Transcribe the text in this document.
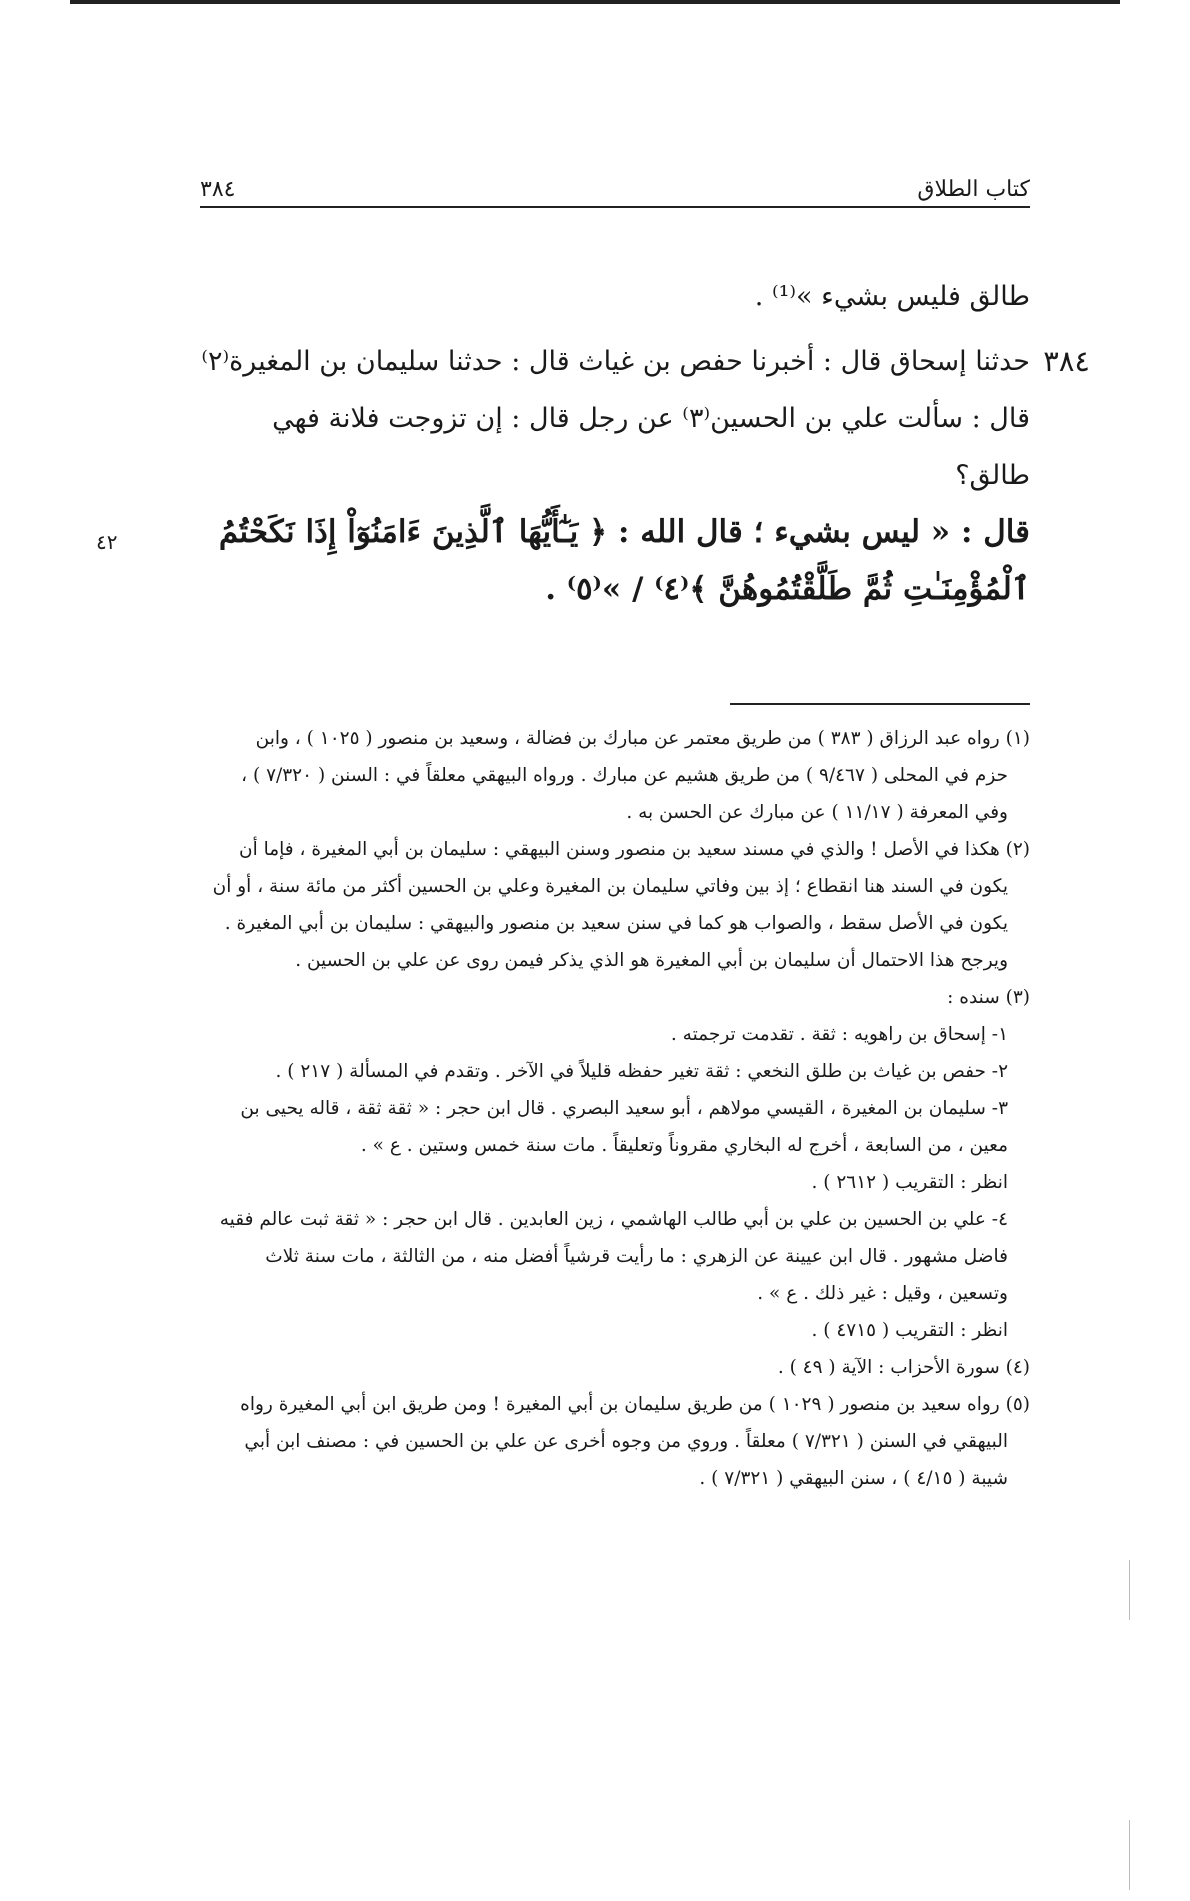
٣٨٤	كتاب الطلاق
٤٢

طالق فليس بشيء »⁽¹⁾ .

٣٨٤

حدثنا إسحاق قال : أخبرنا حفص بن غياث قال : حدثنا سليمان بن المغيرة⁽٢⁾

قال : سألت علي بن الحسين⁽٣⁾ عن رجل قال : إن تزوجت فلانة فهي طالق؟

قال : « ليس بشيء ؛ قال الله : ﴿ يَـٰٓأَيُّهَا ٱلَّذِينَ ءَامَنُوٓاْ إِذَا نَكَحْتُمُ

ٱلْمُؤْمِنَـٰتِ ثُمَّ طَلَّقْتُمُوهُنَّ ﴾⁽٤⁾ / »⁽٥⁾ .

(١) رواه عبد الرزاق ( ٣٨٣ ) من طريق معتمر عن مبارك بن فضالة ، وسعيد بن منصور ( ١٠٢٥ ) ، وابن
حزم في المحلى ( ٩/٤٦٧ ) من طريق هشيم عن مبارك . ورواه البيهقي معلقاً في : السنن ( ٧/٣٢٠ ) ،
وفي المعرفة ( ١١/١٧ ) عن مبارك عن الحسن به .
(٢) هكذا في الأصل ! والذي في مسند سعيد بن منصور وسنن البيهقي : سليمان بن أبي المغيرة ، فإما أن
يكون في السند هنا انقطاع ؛ إذ بين وفاتي سليمان بن المغيرة وعلي بن الحسين أكثر من مائة سنة ، أو أن
يكون في الأصل سقط ، والصواب هو كما في سنن سعيد بن منصور والبيهقي : سليمان بن أبي المغيرة .
ويرجح هذا الاحتمال أن سليمان بن أبي المغيرة هو الذي يذكر فيمن روى عن علي بن الحسين .
(٣) سنده :
١- إسحاق بن راهويه : ثقة . تقدمت ترجمته .
٢- حفص بن غياث بن طلق النخعي : ثقة تغير حفظه قليلاً في الآخر . وتقدم في المسألة ( ٢١٧ ) .
٣- سليمان بن المغيرة ، القيسي مولاهم ، أبو سعيد البصري . قال ابن حجر : « ثقة ثقة ، قاله يحيى بن
معين ، من السابعة ، أخرج له البخاري مقروناً وتعليقاً . مات سنة خمس وستين . ع » .
انظر : التقريب ( ٢٦١٢ ) .
٤- علي بن الحسين بن علي بن أبي طالب الهاشمي ، زين العابدين . قال ابن حجر : « ثقة ثبت عالم فقيه
فاضل مشهور . قال ابن عيينة عن الزهري : ما رأيت قرشياً أفضل منه ، من الثالثة ، مات سنة ثلاث
وتسعين ، وقيل : غير ذلك . ع » .
انظر : التقريب ( ٤٧١٥ ) .
(٤) سورة الأحزاب : الآية ( ٤٩ ) .
(٥) رواه سعيد بن منصور ( ١٠٢٩ ) من طريق سليمان بن أبي المغيرة ! ومن طريق ابن أبي المغيرة رواه
البيهقي في السنن ( ٧/٣٢١ ) معلقاً . وروي من وجوه أخرى عن علي بن الحسين في : مصنف ابن أبي
شيبة ( ٤/١٥ ) ، سنن البيهقي ( ٧/٣٢١ ) .
